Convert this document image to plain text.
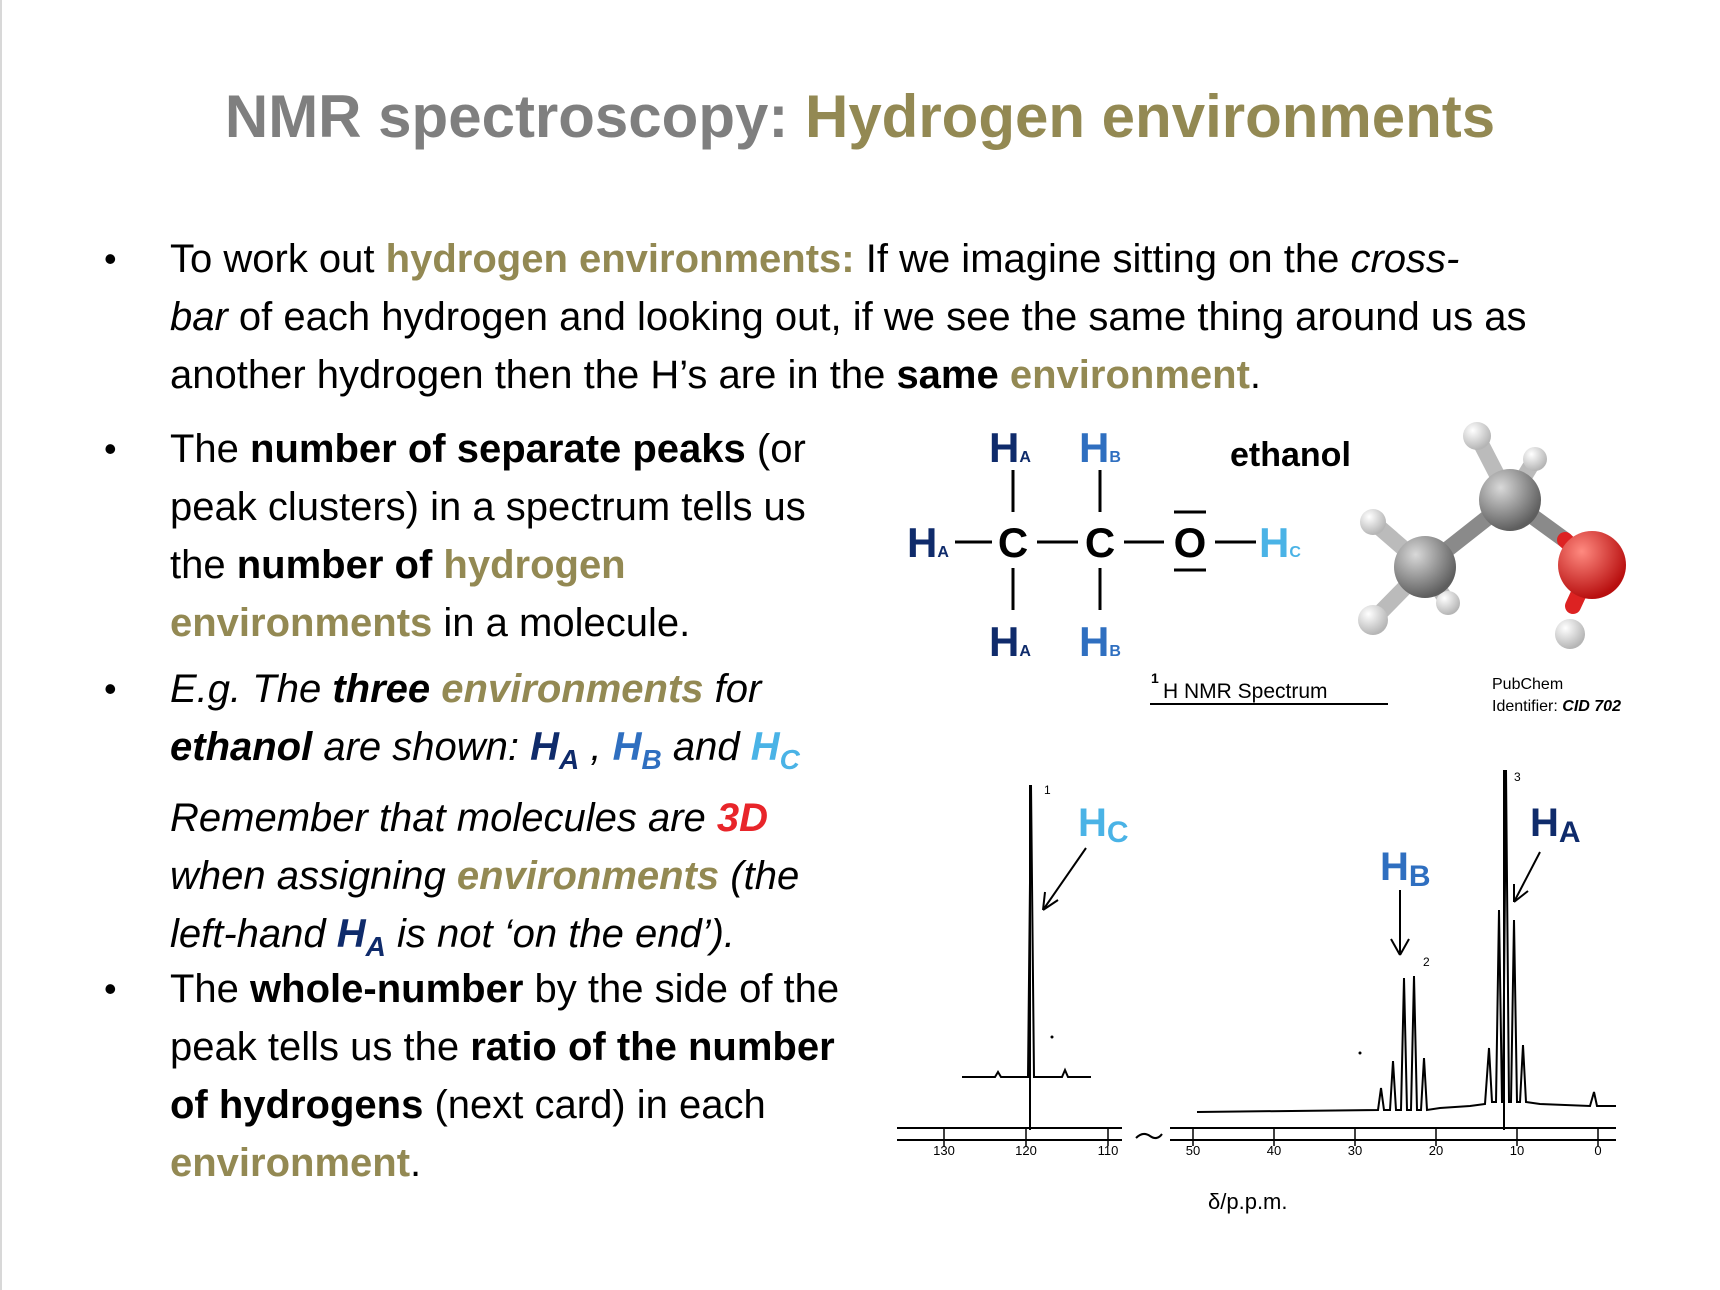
NMR spectroscopy: Hydrogen environments
• To work out hydrogen environments: If we imagine sitting on the cross-
bar of each hydrogen and looking out, if we see the same thing around us as another hydrogen then the H’s are in the same environment.
• The number of separate peaks (or peak clusters) in a spectrum tells us the number of hydrogen environments in a molecule.
• E.g. The three environments for
ethanol are shown: $H_A$ , $H_B$ and $H_C$ Remember that molecules are 3D when assigning environments (the left-hand $H_A$ is not ‘on the end’).
• The whole-number by the side of the peak tells us the ratio of the number of hydrogens (next card) in each environment.
HA
HA
HA
HB
HB
HC
C C O
ethanol
PubChem
Identifier: CID 702
1
H NMR Spectrum
130	120	110	50	40	30	20	10	0
δ/p.p.m.
1
2
3
HC
HB
HA
